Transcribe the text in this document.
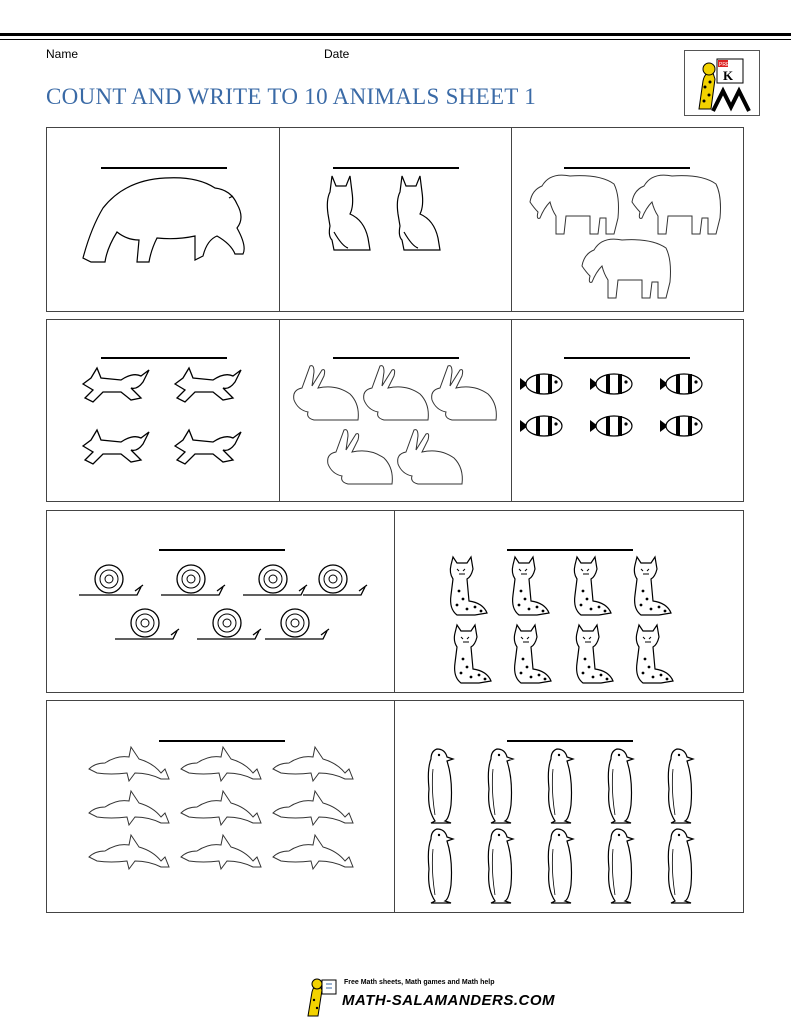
Name	Date
COUNT AND WRITE TO 10 ANIMALS SHEET 1
PRE
K
Free Math sheets, Math games and Math help
MATH-SALAMANDERS.COM
